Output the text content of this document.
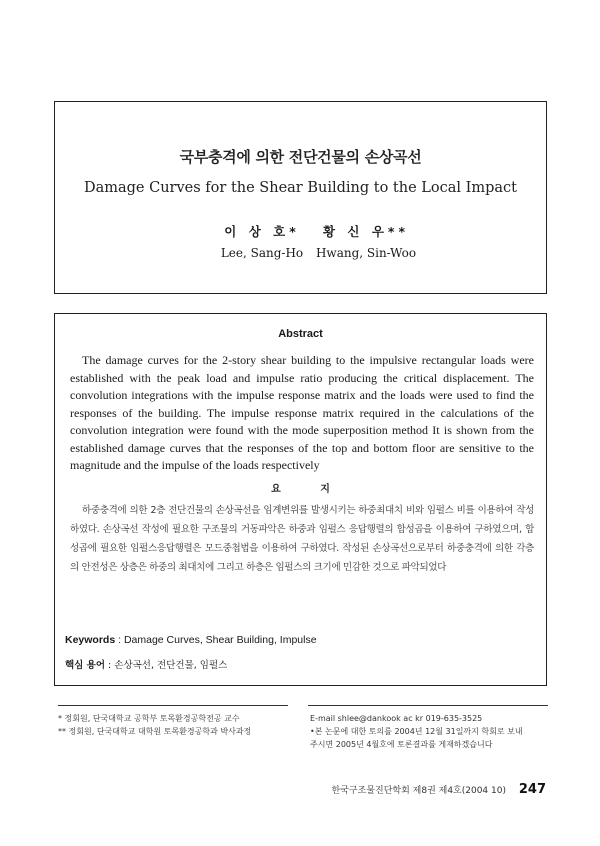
국부충격에 의한 전단건물의 손상곡선
Damage Curves for the Shear Building to the Local Impact
이 상 호*
Lee, Sang-Ho
황 신 우**
Hwang, Sin-Woo
Abstract
The damage curves for the 2-story shear building to the impulsive rectangular loads were established with the peak load and impulse ratio producing the critical displacement. The convolution integrations with the impulse response matrix and the loads were used to find the responses of the building. The impulse response matrix required in the calculations of the convolution integration were found with the mode superposition method It is shown from the established damage curves that the responses of the top and bottom floor are sensitive to the magnitude and the impulse of the loads respectively
요 지
하중충격에 의한 2층 전단건물의 손상곡선을 임계변위를 발생시키는 하중최대치 비와 임펄스 비를 이용하여 작성하였다. 손상곡선 작성에 필요한 구조물의 거동파악은 하중과 임펄스 응답행렬의 합성곱을 이용하여 구하였으며, 합성곱에 필요한 임펄스응답행렬은 모드중첩법을 이용하여 구하였다. 작성된 손상곡선으로부터 하중충격에 의한 각층의 안전성은 상층은 하중의 최대치에 그리고 하층은 임펄스의 크기에 민감한 것으로 파악되었다
Keywords : Damage Curves, Shear Building, Impulse
핵심 용어 : 손상곡선, 전단건물, 임펄스
* 정회원, 단국대학교 공학부 토목환경공학전공 교수
** 정회원, 단국대학교 대학원 토목환경공학과 박사과정
E-mail shlee@dankook ac kr 019-635-3525
•본 논문에 대한 토의를 2004년 12월 31일까지 학회로 보내
주시면 2005년 4월호에 토론결과를 게재하겠습니다
한국구조물진단학회 제8권 제4호(2004 10) 247
